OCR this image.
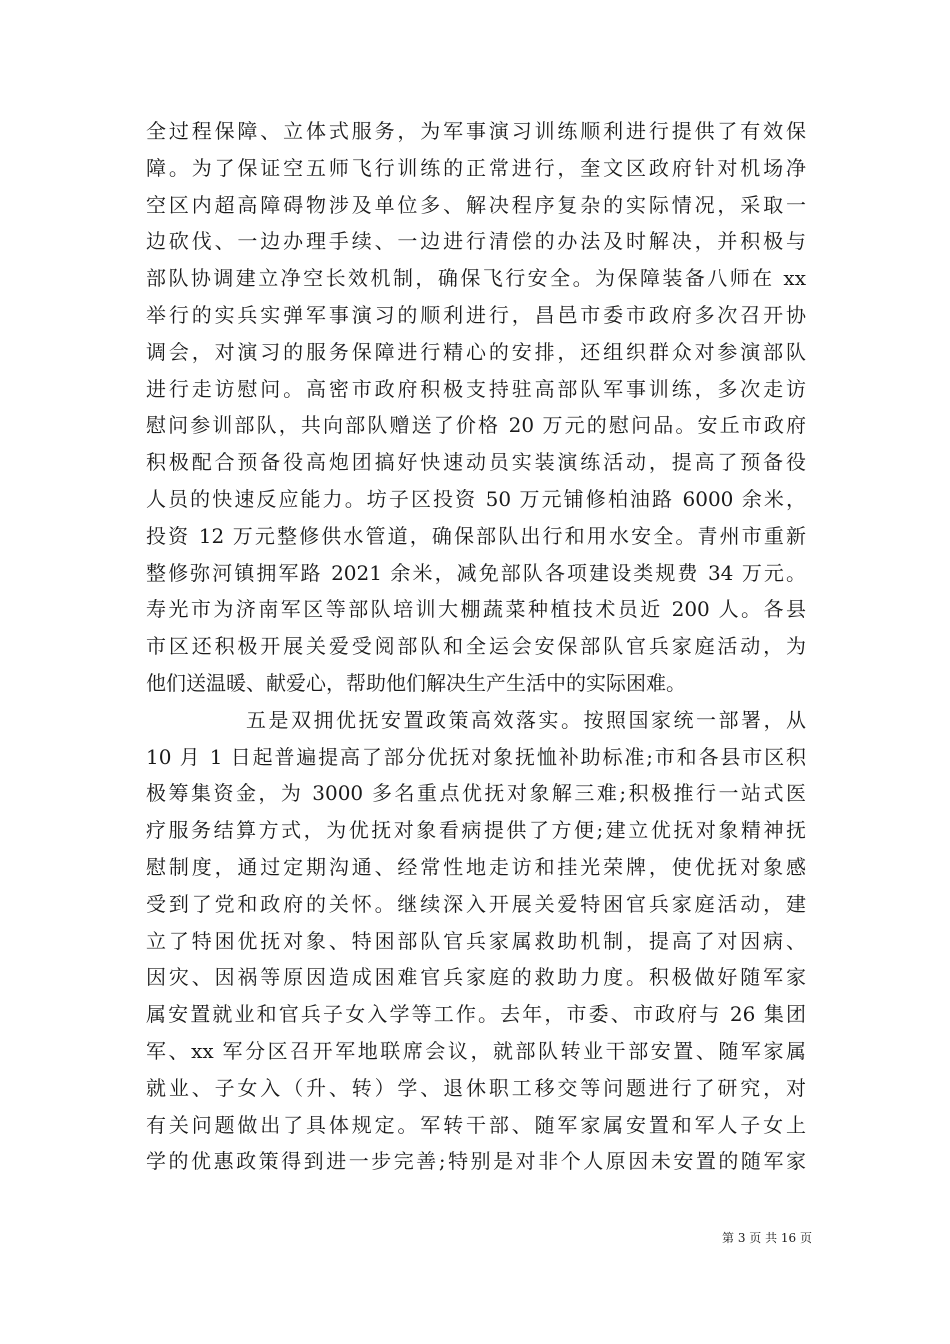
全过程保障、立体式服务，为军事演习训练顺利进行提供了有效保
障。为了保证空五师飞行训练的正常进行，奎文区政府针对机场净
空区内超高障碍物涉及单位多、解决程序复杂的实际情况，采取一
边砍伐、一边办理手续、一边进行清偿的办法及时解决，并积极与
部队协调建立净空长效机制，确保飞行安全。为保障装备八师在 xx
举行的实兵实弹军事演习的顺利进行，昌邑市委市政府多次召开协
调会，对演习的服务保障进行精心的安排，还组织群众对参演部队
进行走访慰问。高密市政府积极支持驻高部队军事训练，多次走访
慰问参训部队，共向部队赠送了价格 20 万元的慰问品。安丘市政府
积极配合预备役高炮团搞好快速动员实装演练活动，提高了预备役
人员的快速反应能力。坊子区投资 50 万元铺修柏油路 6000 余米，
投资 12 万元整修供水管道，确保部队出行和用水安全。青州市重新
整修弥河镇拥军路 2021 余米，减免部队各项建设类规费 34 万元。
寿光市为济南军区等部队培训大棚蔬菜种植技术员近 200 人。各县
市区还积极开展关爱受阅部队和全运会安保部队官兵家庭活动，为
他们送温暖、献爱心，帮助他们解决生产生活中的实际困难。
五是双拥优抚安置政策高效落实。按照国家统一部署，从
10 月 1 日起普遍提高了部分优抚对象抚恤补助标准;市和各县市区积
极筹集资金，为 3000 多名重点优抚对象解三难;积极推行一站式医
疗服务结算方式，为优抚对象看病提供了方便;建立优抚对象精神抚
慰制度，通过定期沟通、经常性地走访和挂光荣牌，使优抚对象感
受到了党和政府的关怀。继续深入开展关爱特困官兵家庭活动，建
立了特困优抚对象、特困部队官兵家属救助机制，提高了对因病、
因灾、因祸等原因造成困难官兵家庭的救助力度。积极做好随军家
属安置就业和官兵子女入学等工作。去年，市委、市政府与 26 集团
军、xx 军分区召开军地联席会议，就部队转业干部安置、随军家属
就业、子女入（升、转）学、退休职工移交等问题进行了研究，对
有关问题做出了具体规定。军转干部、随军家属安置和军人子女上
学的优惠政策得到进一步完善;特别是对非个人原因未安置的随军家
第 3 页 共 16 页
